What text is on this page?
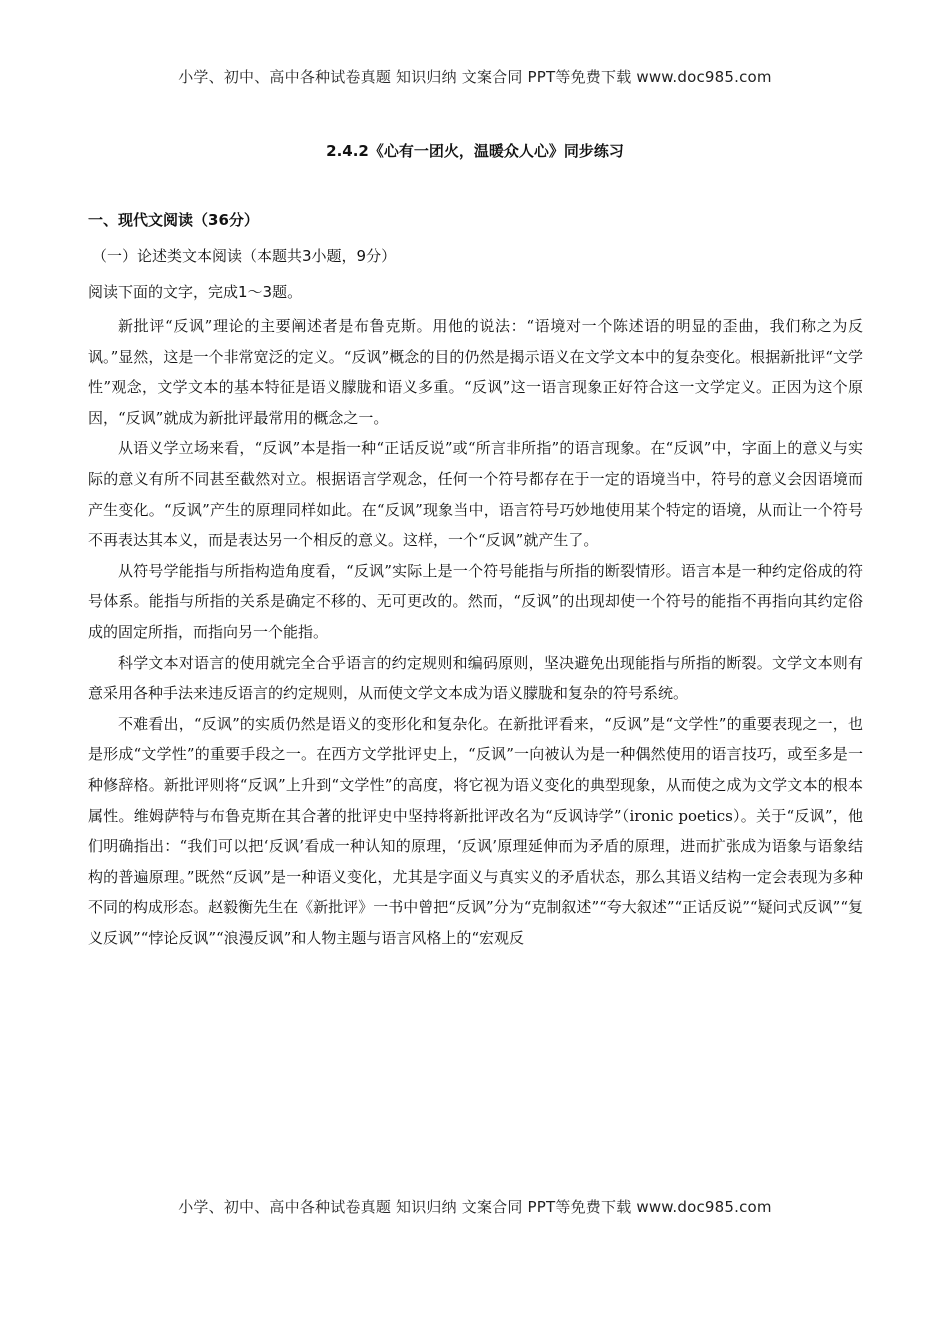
小学、初中、高中各种试卷真题 知识归纳 文案合同 PPT等免费下载 www.doc985.com
2.4.2《心有一团火，温暖众人心》同步练习
一、现代文阅读（36分）
（一）论述类文本阅读（本题共3小题，9分）
阅读下面的文字，完成1～3题。

新批评“反讽”理论的主要阐述者是布鲁克斯。用他的说法：“语境对一个陈述语的明显的歪曲，我们称之为反讽。”显然，这是一个非常宽泛的定义。“反讽”概念的目的仍然是揭示语义在文学文本中的复杂变化。根据新批评“文学性”观念，文学文本的基本特征是语义朦胧和语义多重。“反讽”这一语言现象正好符合这一文学定义。正因为这个原因，“反讽”就成为新批评最常用的概念之一。

从语义学立场来看，“反讽”本是指一种“正话反说”或“所言非所指”的语言现象。在“反讽”中，字面上的意义与实际的意义有所不同甚至截然对立。根据语言学观念，任何一个符号都存在于一定的语境当中，符号的意义会因语境而产生变化。“反讽”产生的原理同样如此。在“反讽”现象当中，语言符号巧妙地使用某个特定的语境，从而让一个符号不再表达其本义，而是表达另一个相反的意义。这样，一个“反讽”就产生了。

从符号学能指与所指构造角度看，“反讽”实际上是一个符号能指与所指的断裂情形。语言本是一种约定俗成的符号体系。能指与所指的关系是确定不移的、无可更改的。然而，“反讽”的出现却使一个符号的能指不再指向其约定俗成的固定所指，而指向另一个能指。

科学文本对语言的使用就完全合乎语言的约定规则和编码原则，坚决避免出现能指与所指的断裂。文学文本则有意采用各种手法来违反语言的约定规则，从而使文学文本成为语义朦胧和复杂的符号系统。

不难看出，“反讽”的实质仍然是语义的变形化和复杂化。在新批评看来，“反讽”是“文学性”的重要表现之一，也是形成“文学性”的重要手段之一。在西方文学批评史上，“反讽”一向被认为是一种偶然使用的语言技巧，或至多是一种修辞格。新批评则将“反讽”上升到“文学性”的高度，将它视为语义变化的典型现象，从而使之成为文学文本的根本属性。维姆萨特与布鲁克斯在其合著的批评史中坚持将新批评改名为“反讽诗学”（ironic poetics）。关于“反讽”，他们明确指出：“我们可以把‘反讽’看成一种认知的原理，‘反讽’原理延伸而为矛盾的原理，进而扩张成为语象与语象结构的普遍原理。”既然“反讽”是一种语义变化，尤其是字面义与真实义的矛盾状态，那么其语义结构一定会表现为多种不同的构成形态。赵毅衡先生在《新批评》一书中曾把“反讽”分为“克制叙述”“夸大叙述”“正话反说”“疑问式反讽”“复义反讽”“悖论反讽”“浪漫反讽”和人物主题与语言风格上的“宏观反

小学、初中、高中各种试卷真题 知识归纳 文案合同 PPT等免费下载 www.doc985.com
